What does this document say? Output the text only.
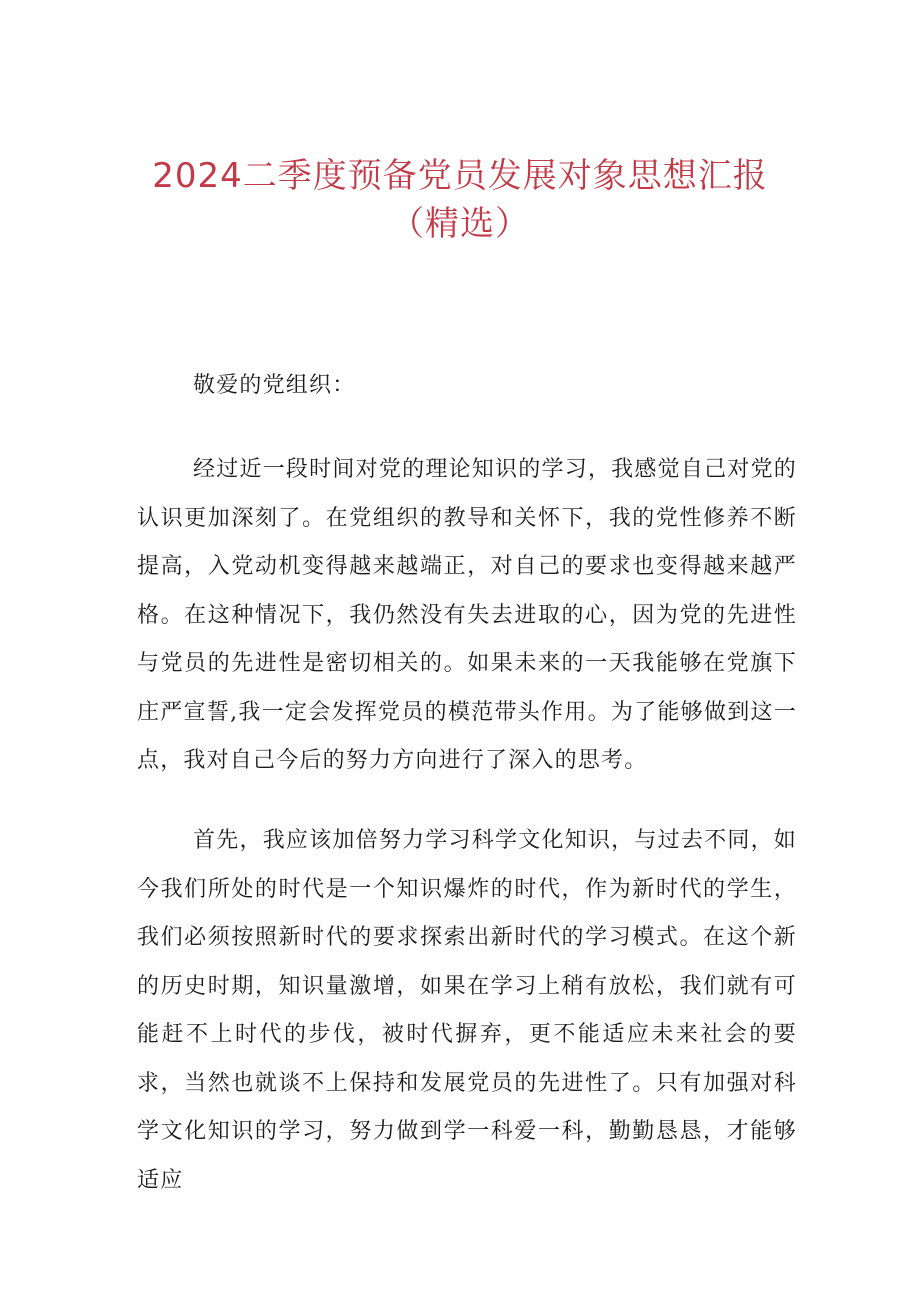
2024二季度预备党员发展对象思想汇报
（精选）

敬爱的党组织：

经过近一段时间对党的理论知识的学习，我感觉自己对党的认识更加深刻了。在党组织的教导和关怀下，我的党性修养不断提高，入党动机变得越来越端正，对自己的要求也变得越来越严格。在这种情况下，我仍然没有失去进取的心，因为党的先进性与党员的先进性是密切相关的。如果未来的一天我能够在党旗下庄严宣誓,我一定会发挥党员的模范带头作用。为了能够做到这一点，我对自己今后的努力方向进行了深入的思考。

首先，我应该加倍努力学习科学文化知识，与过去不同，如今我们所处的时代是一个知识爆炸的时代，作为新时代的学生，我们必须按照新时代的要求探索出新时代的学习模式。在这个新的历史时期，知识量激增，如果在学习上稍有放松，我们就有可能赶不上时代的步伐，被时代摒弃，更不能适应未来社会的要求，当然也就谈不上保持和发展党员的先进性了。只有加强对科学文化知识的学习，努力做到学一科爱一科，勤勤恳恳，才能够适应
